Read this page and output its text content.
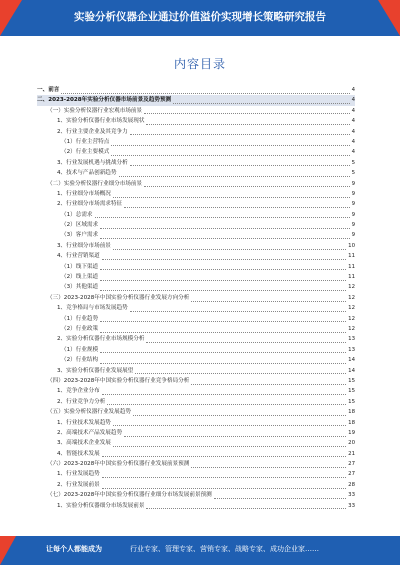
实验分析仪器企业通过价值溢价实现增长策略研究报告
内容目录
一、前言	4
二、2023-2028年实验分析仪器市场前景及趋势预测	4
（一）实验分析仪器行业宏观市场前景	4
1、实验分析仪器行业市场发展现状	4
2、行业主要企业及其竞争力	4
（1）行业主营特点	4
（2）行业主要模式	4
3、行业发展机遇与挑战分析	5
4、技术与产品创新趋势	5
（二）实验分析仪器行业细分市场前景	9
1、行业细分市场概况	9
2、行业细分市场需求特征	9
（1）总需求	9
（2）区域需求	9
（3）客户需求	9
3、行业细分市场前景	10
4、行业营销渠道	11
（1）线下渠道	11
（2）线上渠道	11
（3）其他渠道	12
（三）2023-2028年中国实验分析仪器行业发展方向分析	12
1、竞争格局与市场发展趋势	12
（1）行业趋势	12
（2）行业政策	12
2、实验分析仪器行业市场规模分析	13
（1）行业规模	13
（2）行业结构	14
3、实验分析仪器行业发展展望	14
（四）2023-2028年中国实验分析仪器行业竞争格局分析	15
1、竞争企业分布	15
2、行业竞争力分析	15
（五）实验分析仪器行业发展趋势	18
1、行业技术发展趋势	18
2、高端技术产品发展趋势	19
3、高端技术企业发展	20
4、智能技术发展	21
（六）2023-2028年中国实验分析仪器行业发展前景预测	27
1、行业发展趋势	27
2、行业发展前景	28
（七）2023-2028年中国实验分析仪器行业细分市场发展前景预测	33
1、实验分析仪器细分市场发展前景	33
让每个人都能成为	行业专家、管理专家、营销专家、战略专家、成功企业家……
